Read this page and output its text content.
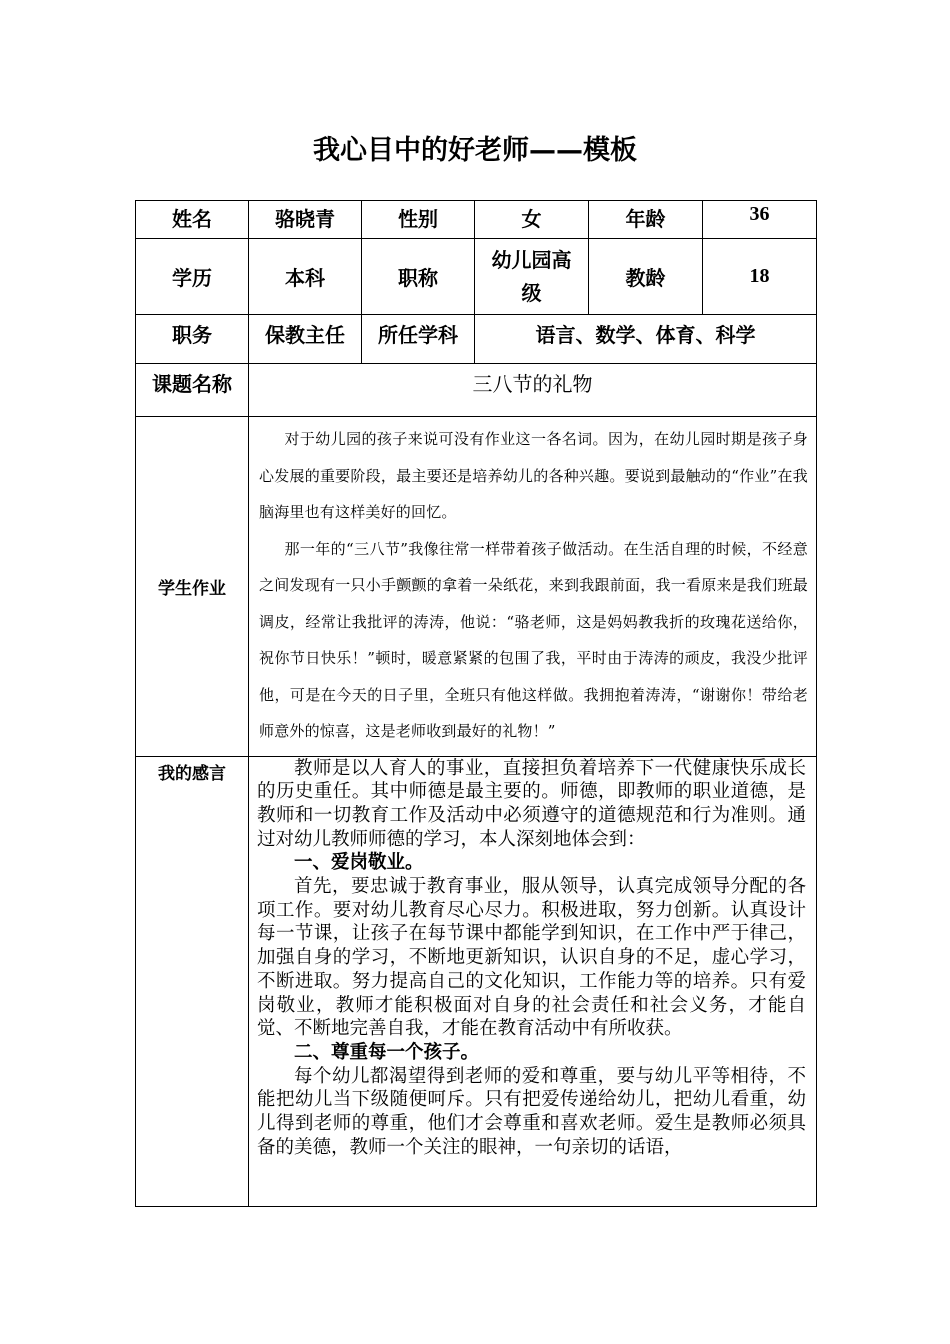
我心目中的好老师——模板
姓名	骆晓青	性别	女	年龄	36
学历	本科	职称	幼儿园高级	教龄	18
职务	保教主任	所任学科	语言、数学、体育、科学		
课题名称	三八节的礼物				
学生作业	对于幼儿园的孩子来说可没有作业这一各名词。因为，在幼儿园时期是孩子身心发展的重要阶段，最主要还是培养幼儿的各种兴趣。要说到最触动的“作业”在我脑海里也有这样美好的回忆。

那一年的“三八节”我像往常一样带着孩子做活动。在生活自理的时候，不经意之间发现有一只小手颤颤的拿着一朵纸花，来到我跟前面，我一看原来是我们班最调皮，经常让我批评的涛涛，他说：“骆老师，这是妈妈教我折的玫瑰花送给你，祝你节日快乐！”顿时，暖意紧紧的包围了我，平时由于涛涛的顽皮，我没少批评他，可是在今天的日子里，全班只有他这样做。我拥抱着涛涛，“谢谢你！带给老师意外的惊喜，这是老师收到最好的礼物！”				

我的感言	教师是以人育人的事业，直接担负着培养下一代健康快乐成长的历史重任。其中师德是最主要的。师德，即教师的职业道德，是教师和一切教育工作及活动中必须遵守的道德规范和行为准则。通过对幼儿教师师德的学习，本人深刻地体会到：

一、爱岗敬业。

首先，要忠诚于教育事业，服从领导，认真完成领导分配的各项工作。要对幼儿教育尽心尽力。积极进取，努力创新。认真设计每一节课，让孩子在每节课中都能学到知识，在工作中严于律己，加强自身的学习，不断地更新知识，认识自身的不足，虚心学习，不断进取。努力提高自己的文化知识，工作能力等的培养。只有爱岗敬业，教师才能积极面对自身的社会责任和社会义务，才能自觉、不断地完善自我，才能在教育活动中有所收获。

二、尊重每一个孩子。

每个幼儿都渴望得到老师的爱和尊重，要与幼儿平等相待，不能把幼儿当下级随便呵斥。只有把爱传递给幼儿，把幼儿看重，幼儿得到老师的尊重，他们才会尊重和喜欢老师。爱生是教师必须具备的美德，教师一个关注的眼神，一句亲切的话语，				
